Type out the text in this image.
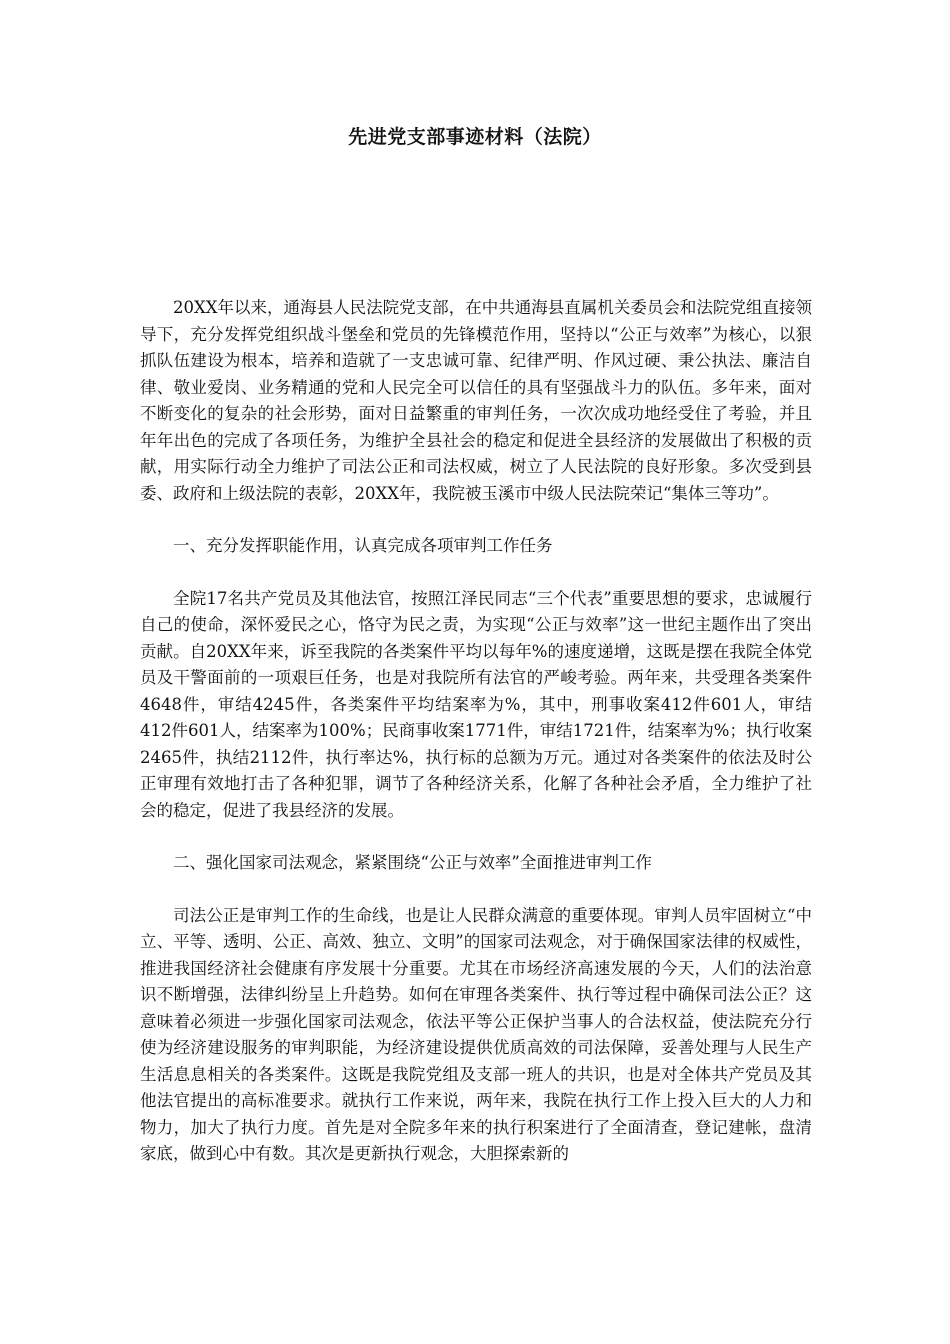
先进党支部事迹材料（法院）

20XX年以来，通海县人民法院党支部，在中共通海县直属机关委员会和法院党组直接领导下，充分发挥党组织战斗堡垒和党员的先锋模范作用，坚持以“公正与效率”为核心，以狠抓队伍建设为根本，培养和造就了一支忠诚可靠、纪律严明、作风过硬、秉公执法、廉洁自律、敬业爱岗、业务精通的党和人民完全可以信任的具有坚强战斗力的队伍。多年来，面对不断变化的复杂的社会形势，面对日益繁重的审判任务，一次次成功地经受住了考验，并且年年出色的完成了各项任务，为维护全县社会的稳定和促进全县经济的发展做出了积极的贡献，用实际行动全力维护了司法公正和司法权威，树立了人民法院的良好形象。多次受到县委、政府和上级法院的表彰，20XX年，我院被玉溪市中级人民法院荣记“集体三等功”。

一、充分发挥职能作用，认真完成各项审判工作任务

全院17名共产党员及其他法官，按照江泽民同志“三个代表”重要思想的要求，忠诚履行自己的使命，深怀爱民之心，恪守为民之责，为实现“公正与效率”这一世纪主题作出了突出贡献。自20XX年来，诉至我院的各类案件平均以每年%的速度递增，这既是摆在我院全体党员及干警面前的一项艰巨任务，也是对我院所有法官的严峻考验。两年来，共受理各类案件4648件，审结4245件，各类案件平均结案率为%，其中，刑事收案412件601人，审结412件601人，结案率为100%；民商事收案1771件，审结1721件，结案率为%；执行收案2465件，执结2112件，执行率达%，执行标的总额为万元。通过对各类案件的依法及时公正审理有效地打击了各种犯罪，调节了各种经济关系，化解了各种社会矛盾，全力维护了社会的稳定，促进了我县经济的发展。

二、强化国家司法观念，紧紧围绕“公正与效率”全面推进审判工作

司法公正是审判工作的生命线，也是让人民群众满意的重要体现。审判人员牢固树立“中立、平等、透明、公正、高效、独立、文明”的国家司法观念，对于确保国家法律的权威性，推进我国经济社会健康有序发展十分重要。尤其在市场经济高速发展的今天，人们的法治意识不断增强，法律纠纷呈上升趋势。如何在审理各类案件、执行等过程中确保司法公正？这意味着必须进一步强化国家司法观念，依法平等公正保护当事人的合法权益，使法院充分行使为经济建设服务的审判职能，为经济建设提供优质高效的司法保障，妥善处理与人民生产生活息息相关的各类案件。这既是我院党组及支部一班人的共识，也是对全体共产党员及其他法官提出的高标准要求。就执行工作来说，两年来，我院在执行工作上投入巨大的人力和物力，加大了执行力度。首先是对全院多年来的执行积案进行了全面清查，登记建帐，盘清家底，做到心中有数。其次是更新执行观念，大胆探索新的
